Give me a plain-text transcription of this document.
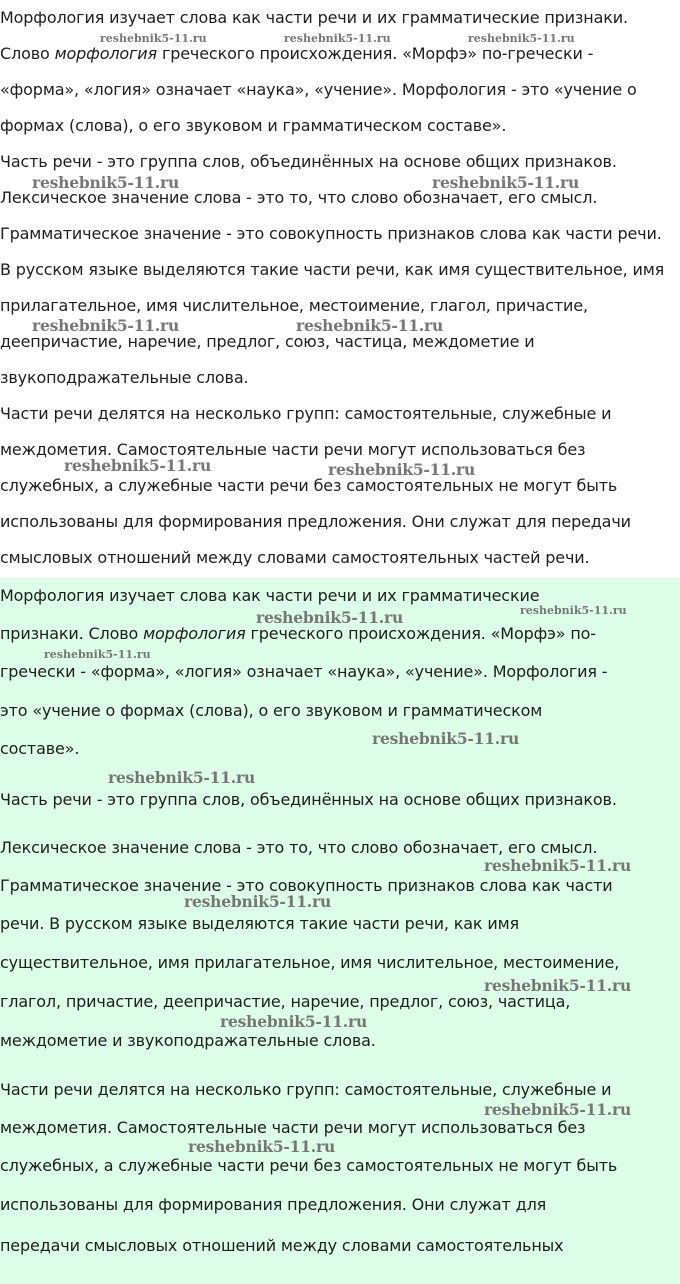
Морфология изучает слова как части речи и их грамматические признаки.

Слово морфология греческого происхождения. «Морфэ» по-гречески -

«форма», «логия» означает «наука», «учение». Морфология - это «учение о

формах (слова), о его звуковом и грамматическом составе».

Часть речи - это группа слов, объединённых на основе общих признаков.

Лексическое значение слова - это то, что слово обозначает, его смысл.

Грамматическое значение - это совокупность признаков слова как части речи.

В русском языке выделяются такие части речи, как имя существительное, имя

прилагательное, имя числительное, местоимение, глагол, причастие,

деепричастие, наречие, предлог, союз, частица, междометие и

звукоподражательные слова.

Части речи делятся на несколько групп: самостоятельные, служебные и

междометия. Самостоятельные части речи могут использоваться без

служебных, а служебные части речи без самостоятельных не могут быть

использованы для формирования предложения. Они служат для передачи

смысловых отношений между словами самостоятельных частей речи.

Морфология изучает слова как части речи и их грамматические

признаки. Слово морфология греческого происхождения. «Морфэ» по-

гречески - «форма», «логия» означает «наука», «учение». Морфология -

это «учение о формах (слова), о его звуковом и грамматическом

составе».

Часть речи - это группа слов, объединённых на основе общих признаков.

Лексическое значение слова - это то, что слово обозначает, его смысл.

Грамматическое значение - это совокупность признаков слова как части

речи. В русском языке выделяются такие части речи, как имя

существительное, имя прилагательное, имя числительное, местоимение,

глагол, причастие, деепричастие, наречие, предлог, союз, частица,

междометие и звукоподражательные слова.

Части речи делятся на несколько групп: самостоятельные, служебные и

междометия. Самостоятельные части речи могут использоваться без

служебных, а служебные части речи без самостоятельных не могут быть

использованы для формирования предложения. Они служат для

передачи смысловых отношений между словами самостоятельных

reshebnik5-11.ru	reshebnik5-11.ru	reshebnik5-11.ru
reshebnik5-11.ru	reshebnik5-11.ru
reshebnik5-11.ru	reshebnik5-11.ru
reshebnik5-11.ru	reshebnik5-11.ru
reshebnik5-11.ru	reshebnik5-11.ru
reshebnik5-11.ru
reshebnik5-11.ru
reshebnik5-11.ru
reshebnik5-11.ru
reshebnik5-11.ru
reshebnik5-11.ru
reshebnik5-11.ru
reshebnik5-11.ru
reshebnik5-11.ru
